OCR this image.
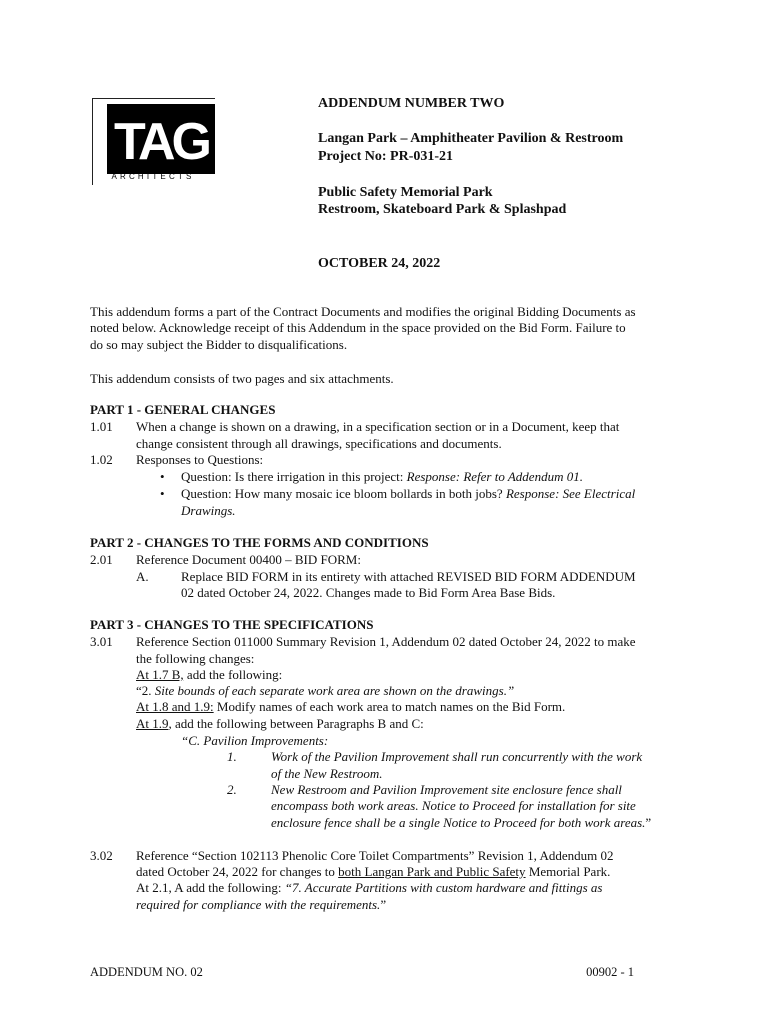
TAG
ARCHITECTS
ADDENDUM NUMBER TWO
Langan Park – Amphitheater Pavilion & Restroom
Project No: PR-031-21
Public Safety Memorial Park
Restroom, Skateboard Park & Splashpad
OCTOBER 24, 2022
This addendum forms a part of the Contract Documents and modifies the original Bidding Documents as
noted below. Acknowledge receipt of this Addendum in the space provided on the Bid Form. Failure to
do so may subject the Bidder to disqualifications.
This addendum consists of two pages and six attachments.
PART 1 - GENERAL CHANGES
1.01 When a change is shown on a drawing, in a specification section or in a Document, keep that
change consistent through all drawings, specifications and documents.
1.02 Responses to Questions:
• Question: Is there irrigation in this project: Response: Refer to Addendum 01.
• Question: How many mosaic ice bloom bollards in both jobs? Response: See Electrical
Drawings.
PART 2 - CHANGES TO THE FORMS AND CONDITIONS
2.01 Reference Document 00400 – BID FORM:
A. Replace BID FORM in its entirety with attached REVISED BID FORM ADDENDUM
02 dated October 24, 2022. Changes made to Bid Form Area Base Bids.
PART 3 - CHANGES TO THE SPECIFICATIONS
3.01 Reference Section 011000 Summary Revision 1, Addendum 02 dated October 24, 2022 to make
the following changes:
At 1.7 B, add the following:
“2. Site bounds of each separate work area are shown on the drawings.”
At 1.8 and 1.9: Modify names of each work area to match names on the Bid Form.
At 1.9, add the following between Paragraphs B and C:
“C. Pavilion Improvements:
1.	Work of the Pavilion Improvement shall run concurrently with the work
of the New Restroom.
2.	New Restroom and Pavilion Improvement site enclosure fence shall
encompass both work areas. Notice to Proceed for installation for site
enclosure fence shall be a single Notice to Proceed for both work areas.”
3.02 Reference “Section 102113 Phenolic Core Toilet Compartments” Revision 1, Addendum 02
dated October 24, 2022 for changes to both Langan Park and Public Safety Memorial Park.
At 2.1, A add the following: “7. Accurate Partitions with custom hardware and fittings as
required for compliance with the requirements.”
ADDENDUM NO. 02	00902 - 1
